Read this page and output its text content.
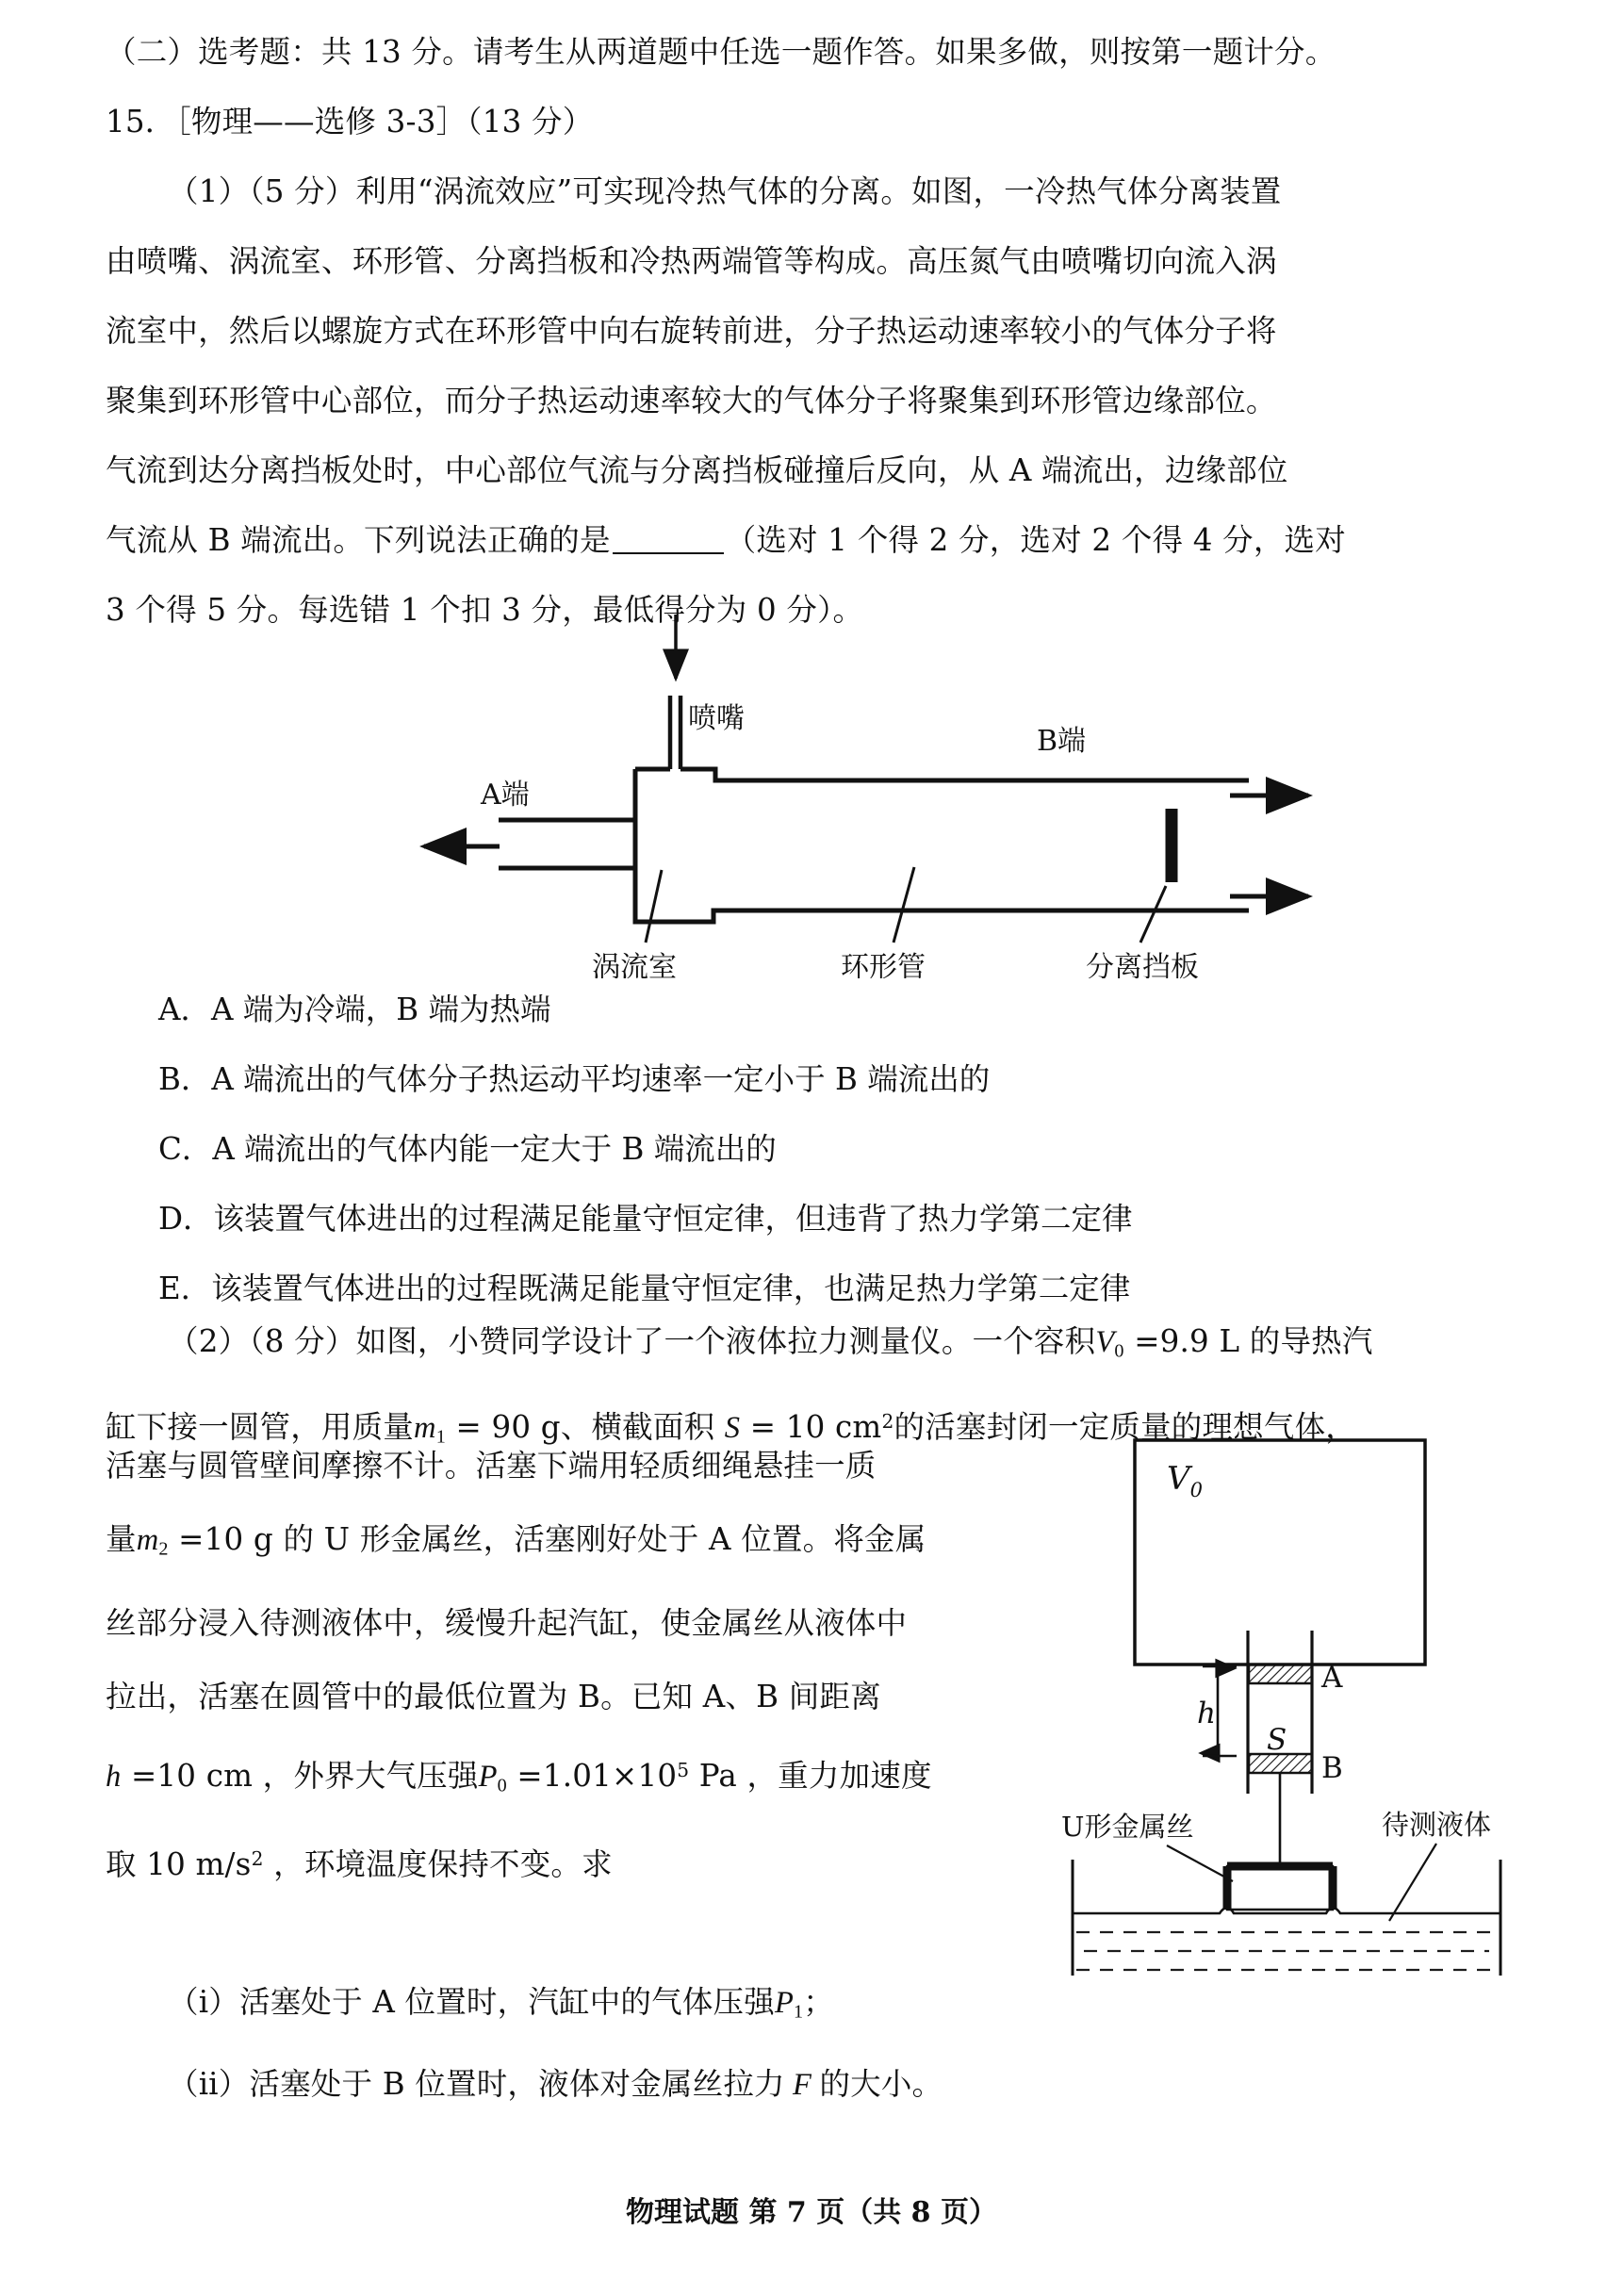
（二）选考题：共 13 分。请考生从两道题中任选一题作答。如果多做，则按第一题计分。
15．［物理——选修 3-3］（13 分）
（1）（5 分）利用“涡流效应”可实现冷热气体的分离。如图，一冷热气体分离装置
由喷嘴、涡流室、环形管、分离挡板和冷热两端管等构成。高压氮气由喷嘴切向流入涡
流室中，然后以螺旋方式在环形管中向右旋转前进，分子热运动速率较小的气体分子将
聚集到环形管中心部位，而分子热运动速率较大的气体分子将聚集到环形管边缘部位。
气流到达分离挡板处时，中心部位气流与分离挡板碰撞后反向，从 A 端流出，边缘部位
气流从 B 端流出。下列说法正确的是	（选对 1 个得 2 分，选对 2 个得 4 分，选对
3 个得 5 分。每选错 1 个扣 3 分，最低得分为 0 分）。
喷嘴
A端
B端
涡流室	环形管	分离挡板
A．A 端为冷端，B 端为热端
B．A 端流出的气体分子热运动平均速率一定小于 B 端流出的
C．A 端流出的气体内能一定大于 B 端流出的
D．该装置气体进出的过程满足能量守恒定律，但违背了热力学第二定律
E．该装置气体进出的过程既满足能量守恒定律，也满足热力学第二定律
（2）（8 分）如图，小赞同学设计了一个液体拉力测量仪。一个容积$V_0 =9.9$ L 的导热汽
缸下接一圆管，用质量$m_1 = 90$ g、横截面积 S = 10 $cm^2$的活塞封闭一定质量的理想气体，
活塞与圆管壁间摩擦不计。活塞下端用轻质细绳悬挂一质
量$m_2 =10$ g 的 U 形金属丝，活塞刚好处于 A 位置。将金属
丝部分浸入待测液体中，缓慢升起汽缸，使金属丝从液体中
拉出，活塞在圆管中的最低位置为 B。已知 A、B 间距离
h =10 cm ，外界大气压强$P_0 =1.01\times 10^5$ Pa ，重力加速度
取 10 $m/s^2$ ，环境温度保持不变。求
$V_0$
A
B
h
S
U形金属丝	待测液体
（ⅰ）活塞处于 A 位置时，汽缸中的气体压强$P_1$；
（ⅱ）活塞处于 B 位置时，液体对金属丝拉力 F 的大小。
物理试题 第 7 页（共 8 页）
